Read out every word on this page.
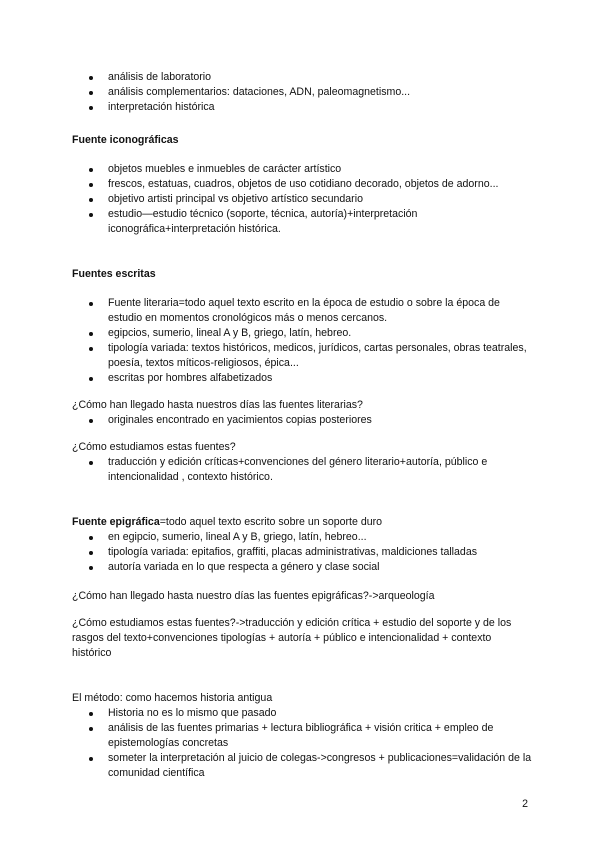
análisis de laboratorio
análisis complementarios: dataciones, ADN, paleomagnetismo...
interpretación histórica
Fuente iconográficas
objetos muebles e inmuebles de carácter artístico
frescos, estatuas, cuadros, objetos de uso cotidiano decorado, objetos de adorno...
objetivo artisti principal vs objetivo artístico secundario
estudio—estudio técnico (soporte, técnica, autoría)+interpretación iconográfica+interpretación histórica.
Fuentes escritas
Fuente literaria=todo aquel texto escrito en la época de estudio o sobre la época de estudio en momentos cronológicos más o menos cercanos.
egipcios, sumerio, lineal A y B, griego, latín, hebreo.
tipología variada: textos históricos, medicos, jurídicos, cartas personales, obras teatrales, poesía, textos míticos-religiosos, épica...
escritas por hombres alfabetizados
¿Cómo han llegado hasta nuestros días las fuentes literarias?
originales encontrado en yacimientos copias posteriores
¿Cómo estudiamos estas fuentes?
traducción y edición críticas+convenciones del género literario+autoría, público e intencionalidad , contexto histórico.
Fuente epigráfica=todo aquel texto escrito sobre un soporte duro
en egipcio, sumerio, lineal A y B, griego, latín, hebreo...
tipología variada: epitafios, graffiti, placas administrativas, maldiciones talladas
autoría variada en lo que respecta a género y clase social
¿Cómo han llegado hasta nuestro días las fuentes epigráficas?->arqueología
¿Cómo estudiamos estas fuentes?->traducción y edición crítica + estudio del soporte y de los rasgos del texto+convenciones tipologías + autoría + público e intencionalidad + contexto histórico
El método: como hacemos historia antigua
Historia no es lo mismo que pasado
análisis de las fuentes primarias + lectura bibliográfica + visión critica + empleo de epistemologías concretas
someter la interpretación al juicio de colegas->congresos + publicaciones=validación de la comunidad científica
2
